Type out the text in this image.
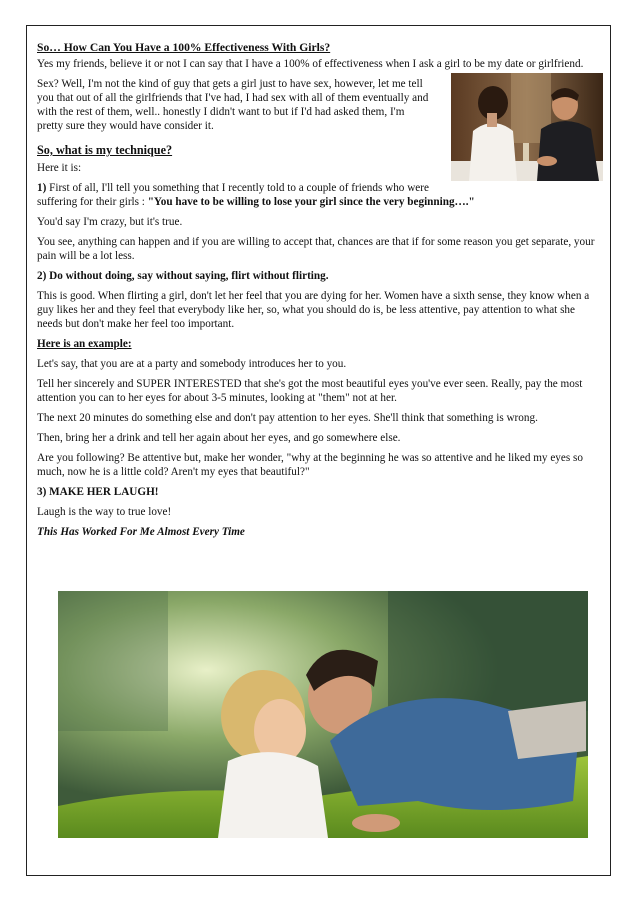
So… How Can You Have a 100% Effectiveness With Girls?

Yes my friends, believe it or not I can say that I have a 100% of effectiveness when I ask a girl to be my date or girlfriend.

Sex? Well, I'm not the kind of guy that gets a girl just to have sex, however, let me tell you that out of all the girlfriends that I've had, I had sex with all of them eventually and with the rest of them, well.. honestly I didn't want to but if I'd had asked them, I'm pretty sure they would have consider it.

So, what is my technique?

Here it is:

1) First of all, I'll tell you something that I recently told to a couple of friends who were suffering for their girls : "You have to be willing to lose your girl since the very beginning…."

You'd say I'm crazy, but it's true.

You see, anything can happen and if you are willing to accept that, chances are that if for some reason you get separate, your pain will be a lot less.

2) Do without doing, say without saying, flirt without flirting.

This is good. When flirting a girl, don't let her feel that you are dying for her. Women have a sixth sense, they know when a guy likes her and they feel that everybody like her, so, what you should do is, be less attentive, pay attention to what she needs but don't make her feel too important.

Here is an example:

Let's say, that you are at a party and somebody introduces her to you.

Tell her sincerely and SUPER INTERESTED that she's got the most beautiful eyes you've ever seen. Really, pay the most attention you can to her eyes for about 3-5 minutes, looking at "them" not at her.

The next 20 minutes do something else and don't pay attention to her eyes. She'll think that something is wrong.

Then, bring her a drink and tell her again about her eyes, and go somewhere else.

Are you following? Be attentive but, make her wonder, "why at the beginning he was so attentive and he liked my eyes so much, now he is a little cold? Aren't my eyes that beautiful?"

3) MAKE HER LAUGH!

Laugh is the way to true love!

This Has Worked For Me Almost Every Time
